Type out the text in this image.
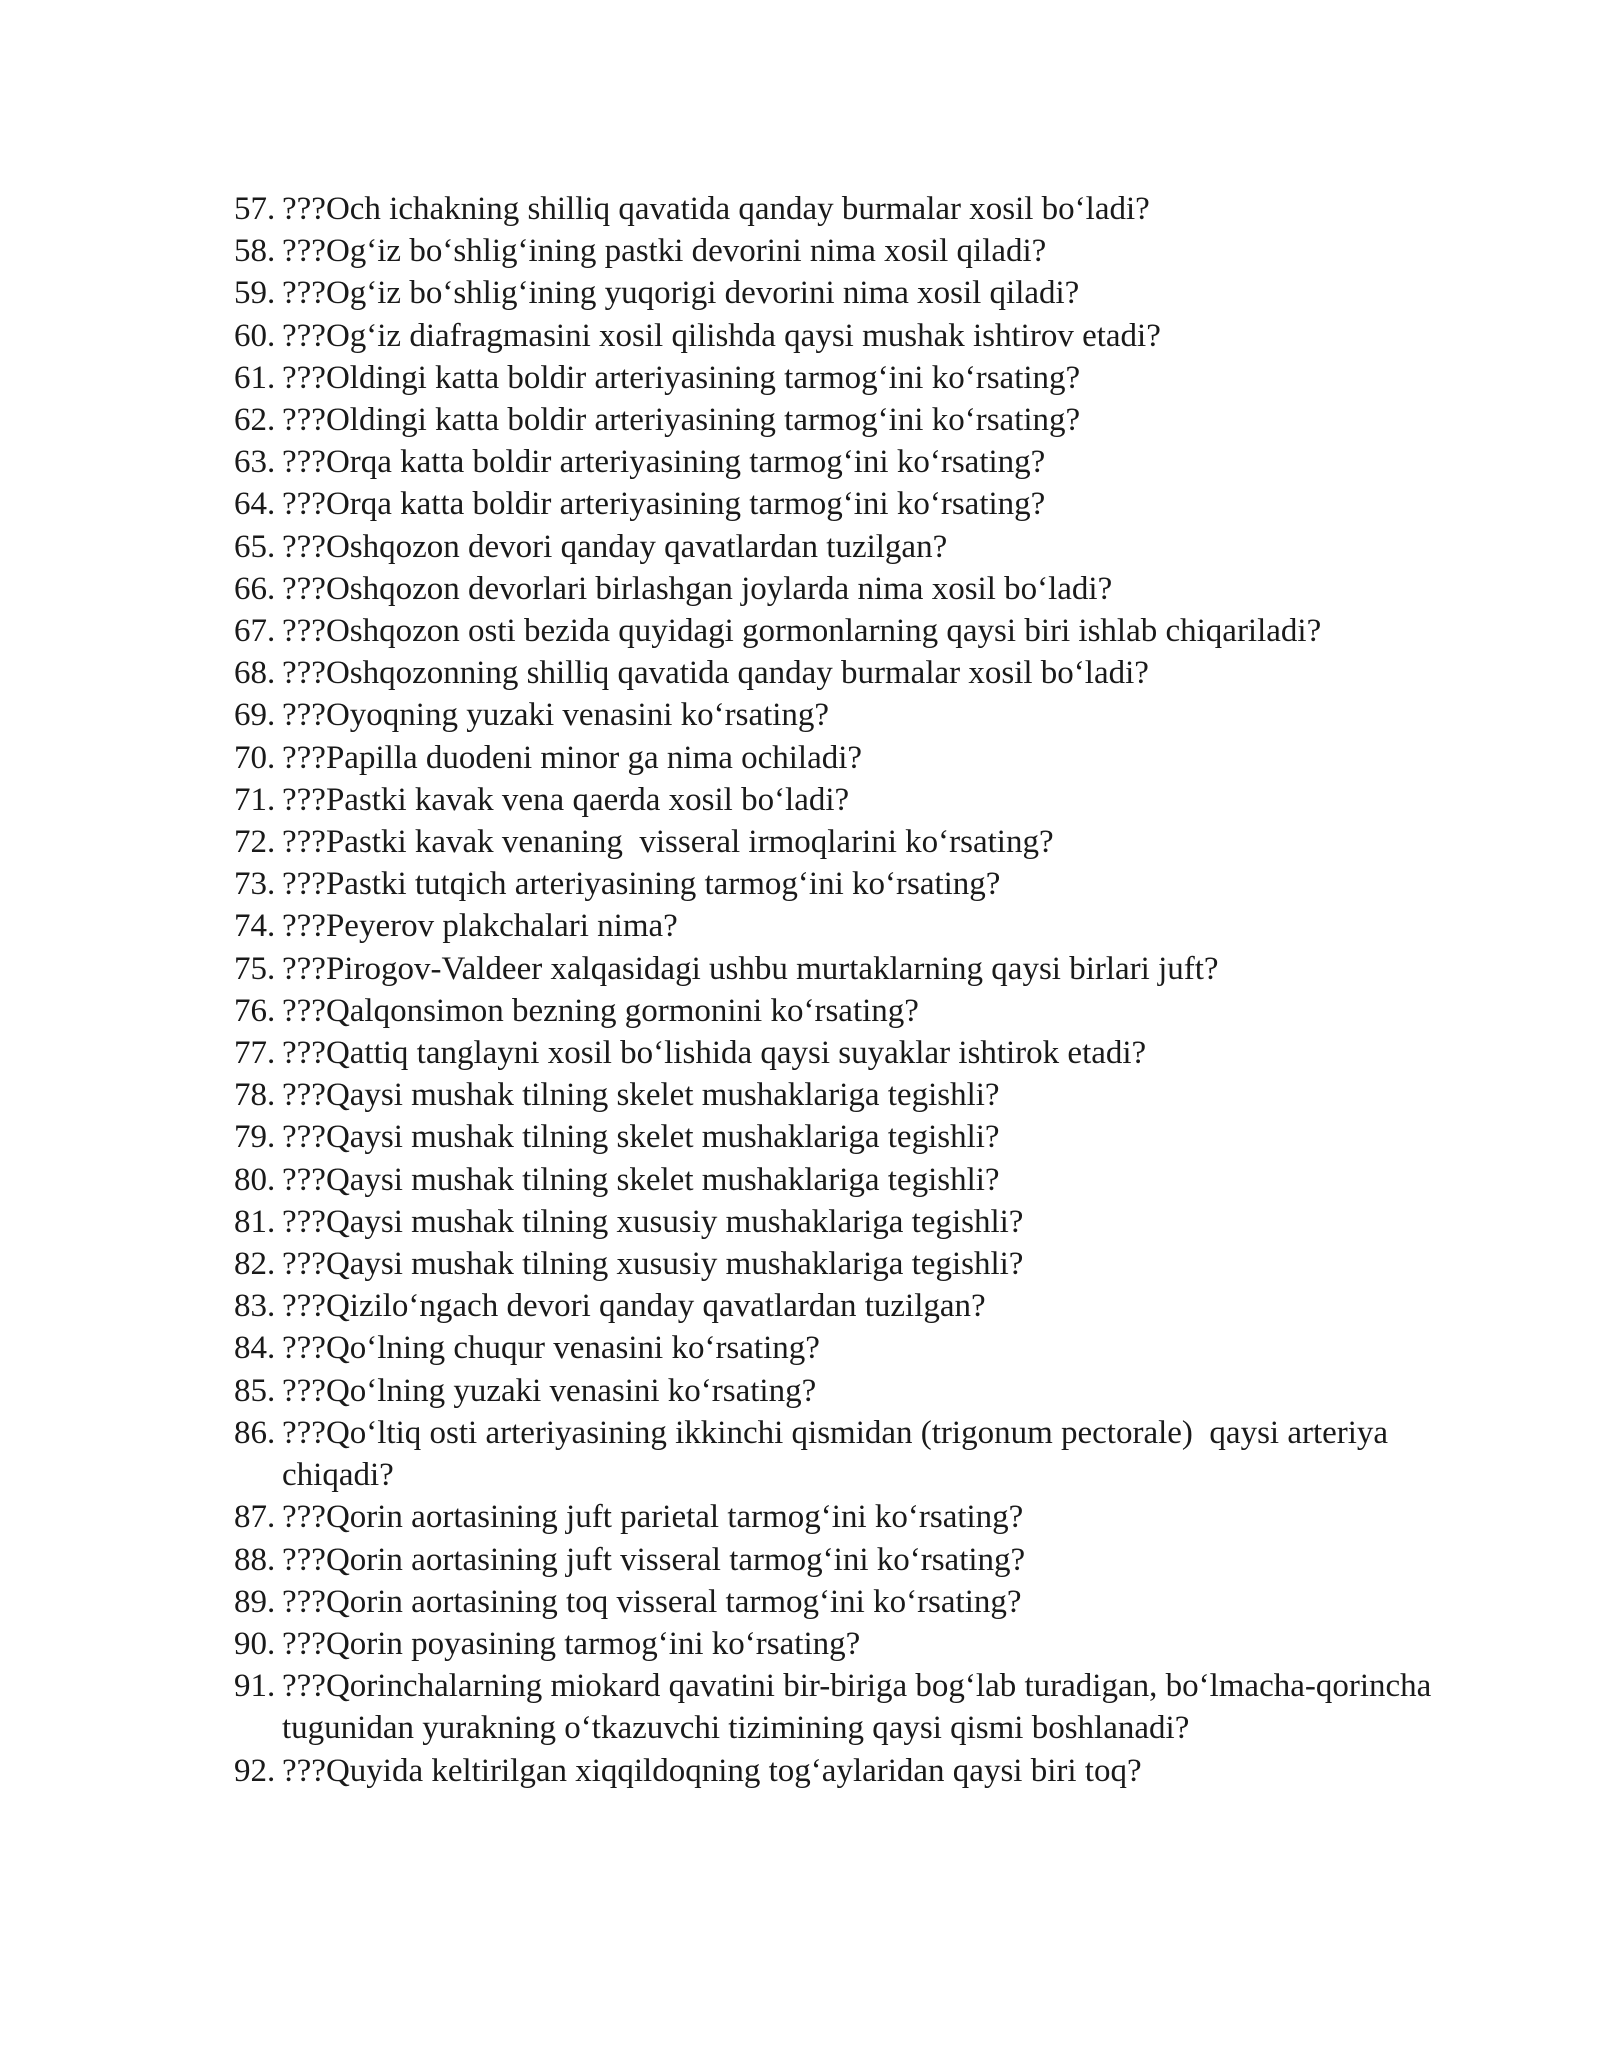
57. ???Och ichakning shilliq qavatida qanday burmalar xosil bo‘ladi?
58. ???Og‘iz bo‘shlig‘ining pastki devorini nima xosil qiladi?
59. ???Og‘iz bo‘shlig‘ining yuqorigi devorini nima xosil qiladi?
60. ???Og‘iz diafragmasini xosil qilishda qaysi mushak ishtirov etadi?
61. ???Oldingi katta boldir arteriyasining tarmog‘ini ko‘rsating?
62. ???Oldingi katta boldir arteriyasining tarmog‘ini ko‘rsating?
63. ???Orqa katta boldir arteriyasining tarmog‘ini ko‘rsating?
64. ???Orqa katta boldir arteriyasining tarmog‘ini ko‘rsating?
65. ???Oshqozon devori qanday qavatlardan tuzilgan?
66. ???Oshqozon devorlari birlashgan joylarda nima xosil bo‘ladi?
67. ???Oshqozon osti bezida quyidagi gormonlarning qaysi biri ishlab chiqariladi?
68. ???Oshqozonning shilliq qavatida qanday burmalar xosil bo‘ladi?
69. ???Oyoqning yuzaki venasini ko‘rsating?
70. ???Papilla duodeni minor ga nima ochiladi?
71. ???Pastki kavak vena qaerda xosil bo‘ladi?
72. ???Pastki kavak venaning  visseral irmoqlarini ko‘rsating?
73. ???Pastki tutqich arteriyasining tarmog‘ini ko‘rsating?
74. ???Peyerov plakchalari nima?
75. ???Pirogov-Valdeer xalqasidagi ushbu murtaklarning qaysi birlari juft?
76. ???Qalqonsimon bezning gormonini ko‘rsating?
77. ???Qattiq tanglayni xosil bo‘lishida qaysi suyaklar ishtirok etadi?
78. ???Qaysi mushak tilning skelet mushaklariga tegishli?
79. ???Qaysi mushak tilning skelet mushaklariga tegishli?
80. ???Qaysi mushak tilning skelet mushaklariga tegishli?
81. ???Qaysi mushak tilning xususiy mushaklariga tegishli?
82. ???Qaysi mushak tilning xususiy mushaklariga tegishli?
83. ???Qizilo‘ngach devori qanday qavatlardan tuzilgan?
84. ???Qo‘lning chuqur venasini ko‘rsating?
85. ???Qo‘lning yuzaki venasini ko‘rsating?
86. ???Qo‘ltiq osti arteriyasining ikkinchi qismidan (trigonum pectorale)  qaysi arteriya chiqadi?
87. ???Qorin aortasining juft parietal tarmog‘ini ko‘rsating?
88. ???Qorin aortasining juft visseral tarmog‘ini ko‘rsating?
89. ???Qorin aortasining toq visseral tarmog‘ini ko‘rsating?
90. ???Qorin poyasining tarmog‘ini ko‘rsating?
91. ???Qorinchalarning miokard qavatini bir-biriga bog‘lab turadigan, bo‘lmacha-qorincha tugunidan yurakning o‘tkazuvchi tizimining qaysi qismi boshlanadi?
92. ???Quyida keltirilgan xiqqildoqning tog‘aylaridan qaysi biri toq?
